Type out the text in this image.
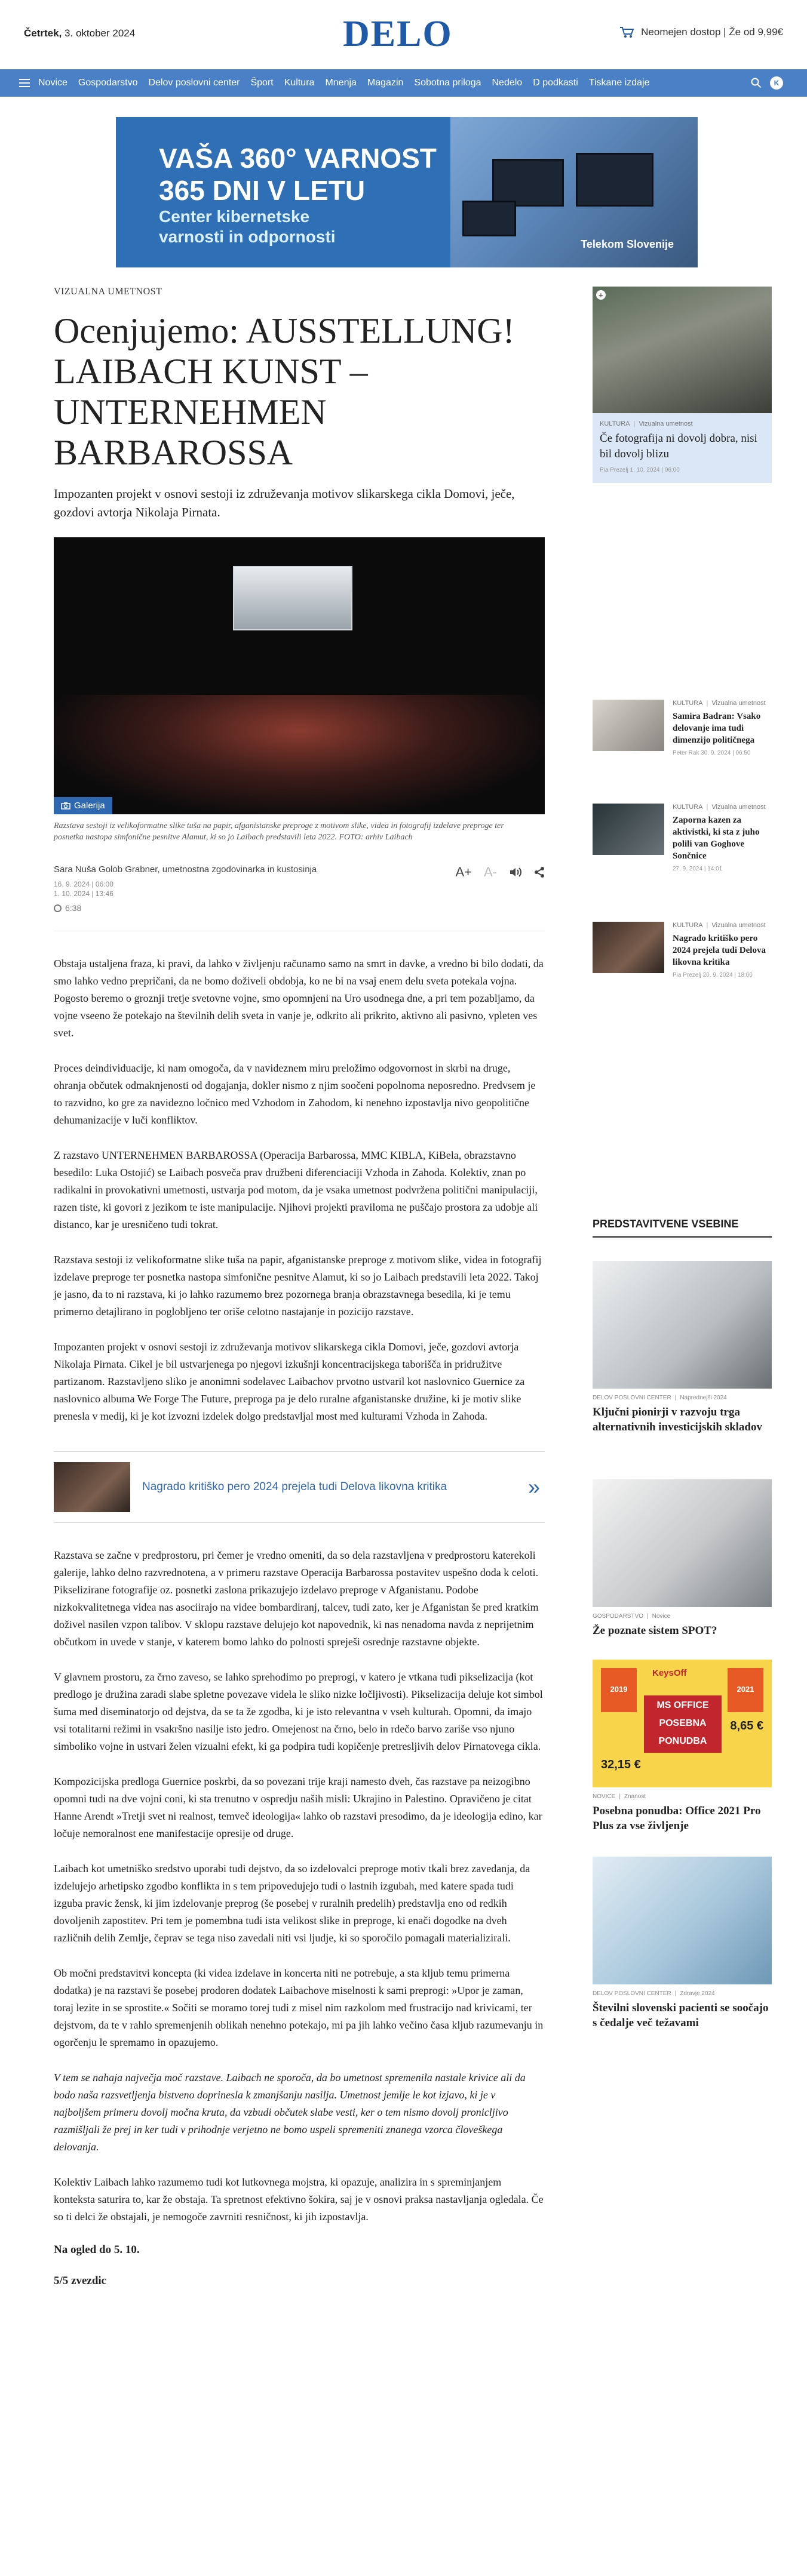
Četrtek, 3. oktober 2024	DELO	Neomejen dostop | Že od 9,99€
Novice Gospodarstvo Delov poslovni center Šport Kultura Mnenja Magazin Sobotna priloga Nedelo D podkasti Tiskane izdaje	K
VAŠA 360° VARNOST
365 DNI V LETU
Center kibernetske
varnosti in odpornosti	Telekom Slovenije
VIZUALNA UMETNOST
Ocenjujemo: AUSSTELLUNG! LAIBACH KUNST – UNTERNEHMEN BARBAROSSA
Impozanten projekt v osnovi sestoji iz združevanja motivov slikarskega cikla Domovi, ječe, gozdovi avtorja Nikolaja Pirnata.
Galerija
Razstava sestoji iz velikoformatne slike tuša na papir, afganistanske preproge z motivom slike, videa in fotografij izdelave preproge ter posnetka nastopa simfonične pesnitve Alamut, ki so jo Laibach predstavili leta 2022. FOTO: arhiv Laibach
Sara Nuša Golob Grabner, umetnostna zgodovinarka in kustosinja
16. 9. 2024 | 06:00
1. 10. 2024 | 13:46
6:38
A+ A-

Obstaja ustaljena fraza, ki pravi, da lahko v življenju računamo samo na smrt in davke, a vredno bi bilo dodati, da smo lahko vedno prepričani, da ne bomo doživeli obdobja, ko ne bi na vsaj enem delu sveta potekala vojna. Pogosto beremo o groznji tretje svetovne vojne, smo opomnjeni na Uro usodnega dne, a pri tem pozabljamo, da vojne vseeno že potekajo na številnih delih sveta in vanje je, odkrito ali prikrito, aktivno ali pasivno, vpleten ves svet.

Proces deindividuacije, ki nam omogoča, da v navideznem miru preložimo odgovornost in skrbi na druge, ohranja občutek odmaknjenosti od dogajanja, dokler nismo z njim soočeni popolnoma neposredno. Predvsem je to razvidno, ko gre za navidezno ločnico med Vzhodom in Zahodom, ki nenehno izpostavlja nivo geopolitične dehumanizacije v luči konfliktov.

Z razstavo UNTERNEHMEN BARBAROSSA (Operacija Barbarossa, MMC KIBLA, KiBela, obrazstavno besedilo: Luka Ostojić) se Laibach posveča prav družbeni diferenciaciji Vzhoda in Zahoda. Kolektiv, znan po radikalni in provokativni umetnosti, ustvarja pod motom, da je vsaka umetnost podvržena politični manipulaciji, razen tiste, ki govori z jezikom te iste manipulacije. Njihovi projekti praviloma ne puščajo prostora za udobje ali distanco, kar je uresničeno tudi tokrat.

Razstava sestoji iz velikoformatne slike tuša na papir, afganistanske preproge z motivom slike, videa in fotografij izdelave preproge ter posnetka nastopa simfonične pesnitve Alamut, ki so jo Laibach predstavili leta 2022. Takoj je jasno, da to ni razstava, ki jo lahko razumemo brez pozornega branja obrazstavnega besedila, ki je temu primerno detajlirano in poglobljeno ter oriše celotno nastajanje in pozicijo razstave.

Impozanten projekt v osnovi sestoji iz združevanja motivov slikarskega cikla Domovi, ječe, gozdovi avtorja Nikolaja Pirnata. Cikel je bil ustvarjenega po njegovi izkušnji koncentracijskega taborišča in pridružitve partizanom. Razstavljeno sliko je anonimni sodelavec Laibachov prvotno ustvaril kot naslovnico Guernice za naslovnico albuma We Forge The Future, preproga pa je delo ruralne afganistanske družine, ki je motiv slike prenesla v medij, ki je kot izvozni izdelek dolgo predstavljal most med kulturami Vzhoda in Zahoda.

Nagrado kritiško pero 2024 prejela tudi Delova likovna kritika	»

Razstava se začne v predprostoru, pri čemer je vredno omeniti, da so dela razstavljena v predprostoru katerekoli galerije, lahko delno razvrednotena, a v primeru razstave Operacija Barbarossa postavitev uspešno doda k celoti. Pikselizirane fotografije oz. posnetki zaslona prikazujejo izdelavo preproge v Afganistanu. Podobe nizkokvalitetnega videa nas asociirajo na videe bombardiranj, talcev, tudi zato, ker je Afganistan še pred kratkim doživel nasilen vzpon talibov. V sklopu razstave delujejo kot napovednik, ki nas nenadoma navda z neprijetnim občutkom in uvede v stanje, v katerem bomo lahko do polnosti spreješi osrednje razstavne objekte.

V glavnem prostoru, za črno zaveso, se lahko sprehodimo po preprogi, v katero je vtkana tudi pikselizacija (kot predlogo je družina zaradi slabe spletne povezave videla le sliko nizke ločljivosti). Pikselizacija deluje kot simbol šuma med diseminatorjo od dejstva, da se ta že zgodba, ki je isto relevantna v vseh kulturah. Opomni, da imajo vsi totalitarni režimi in vsakršno nasilje isto jedro. Omejenost na črno, belo in rdečo barvo zariše vso njuno simboliko vojne in ustvari želen vizualni efekt, ki ga podpira tudi kopičenje pretresljivih delov Pirnatovega cikla.

Kompozicijska predloga Guernice poskrbi, da so povezani trije kraji namesto dveh, čas razstave pa neizogibno opomni tudi na dve vojni coni, ki sta trenutno v ospredju naših misli: Ukrajino in Palestino. Opravičeno je citat Hanne Arendt »Tretji svet ni realnost, temveč ideologija« lahko ob razstavi presodimo, da je ideologija edino, kar ločuje nemoralnost ene manifestacije opresije od druge.

Laibach kot umetniško sredstvo uporabi tudi dejstvo, da so izdelovalci preproge motiv tkali brez zavedanja, da izdelujejo arhetipsko zgodbo konflikta in s tem pripovedujejo tudi o lastnih izgubah, med katere spada tudi izguba pravic žensk, ki jim izdelovanje preprog (še posebej v ruralnih predelih) predstavlja eno od redkih dovoljenih zapostitev. Pri tem je pomembna tudi ista velikost slike in preproge, ki enači dogodke na dveh različnih delih Zemlje, čeprav se tega niso zavedali niti vsi ljudje, ki so sporočilo pomagali materializirali.

Ob močni predstavitvi koncepta (ki videa izdelave in koncerta niti ne potrebuje, a sta kljub temu primerna dodatka) je na razstavi še posebej prodoren dodatek Laibachove miselnosti k sami preprogi: »Upor je zaman, toraj lezite in se sprostite.« Sočiti se moramo torej tudi z misel nim razkolom med frustracijo nad krivicami, ter dejstvom, da te v rahlo spremenjenih oblikah nenehno potekajo, mi pa jih lahko večino časa kljub razumevanju in ogorčenju le spremamo in opazujemo.

V tem se nahaja največja moč razstave. Laibach ne sporoča, da bo umetnost spremenila nastale krivice ali da bodo naša razsvetljenja bistveno doprinesla k zmanjšanju nasilja. Umetnost jemlje le kot izjavo, ki je v najboljšem primeru dovolj močna kruta, da vzbudi občutek slabe vesti, ker o tem nismo dovolj pronicljivo razmišljali že prej in ker tudi v prihodnje verjetno ne bomo uspeli spremeniti znanega vzorca človeškega delovanja.

Kolektiv Laibach lahko razumemo tudi kot lutkovnega mojstra, ki opazuje, analizira in s spreminjanjem konteksta saturira to, kar že obstaja. Ta spretnost efektivno šokira, saj je v osnovi praksa nastavljanja ogledala. Če so ti delci že obstajali, je nemogoče zavrniti resničnost, ki jih izpostavlja.

Na ogled do 5. 10.

5/5 zvezdic

+
KULTURA | Vizualna umetnost
Če fotografija ni dovolj dobra, nisi bil dovolj blizu
Pia Prezelj 1. 10. 2024 | 06:00
KULTURA | Vizualna umetnost
Samira Badran: Vsako delovanje ima tudi dimenzijo političnega
Peter Rak 30. 9. 2024 | 06:50
KULTURA | Vizualna umetnost
Zaporna kazen za aktivistki, ki sta z juho polili van Goghove Sončnice
27. 9. 2024 | 14:01
KULTURA | Vizualna umetnost
Nagrado kritiško pero 2024 prejela tudi Delova likovna kritika
Pia Prezelj 20. 9. 2024 | 18:00
PREDSTAVITVENE VSEBINE
DELOV POSLOVNI CENTER | Naprednejši 2024
Ključni pionirji v razvoju trga alternativnih investicijskih skladov
GOSPODARSTVO | Novice
Že poznate sistem SPOT?
MS OFFICE
POSEBNA
PONUDBA
KeysOff
2019	2021
32,15 €
8,65 €
NOVICE | Znanost
Posebna ponudba: Office 2021 Pro Plus za vse življenje
DELOV POSLOVNI CENTER | Zdravje 2024
Številni slovenski pacienti se soočajo s čedalje več težavami
